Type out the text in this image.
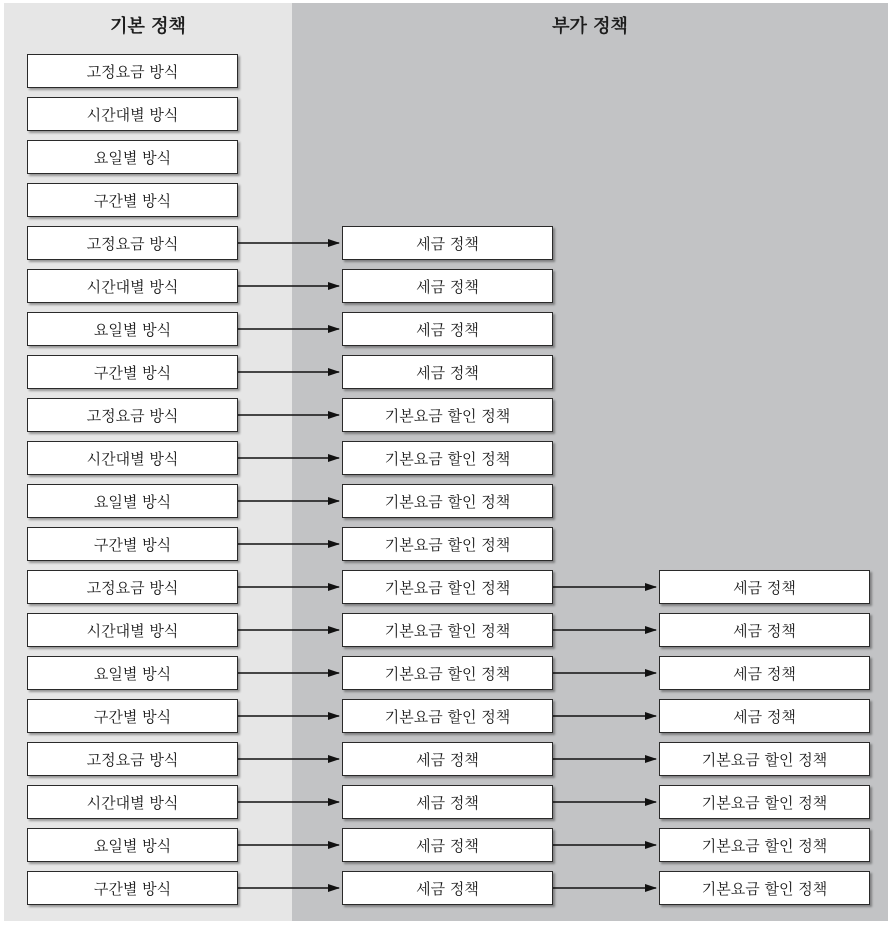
기본 정책	부가 정책
고정요금 방식
시간대별 방식
요일별 방식
구간별 방식
고정요금 방식	세금 정책
시간대별 방식	세금 정책
요일별 방식	세금 정책
구간별 방식	세금 정책
고정요금 방식	기본요금 할인 정책
시간대별 방식	기본요금 할인 정책
요일별 방식	기본요금 할인 정책
구간별 방식	기본요금 할인 정책
고정요금 방식	기본요금 할인 정책	세금 정책
시간대별 방식	기본요금 할인 정책	세금 정책
요일별 방식	기본요금 할인 정책	세금 정책
구간별 방식	기본요금 할인 정책	세금 정책
고정요금 방식	세금 정책	기본요금 할인 정책
시간대별 방식	세금 정책	기본요금 할인 정책
요일별 방식	세금 정책	기본요금 할인 정책
구간별 방식	세금 정책	기본요금 할인 정책
